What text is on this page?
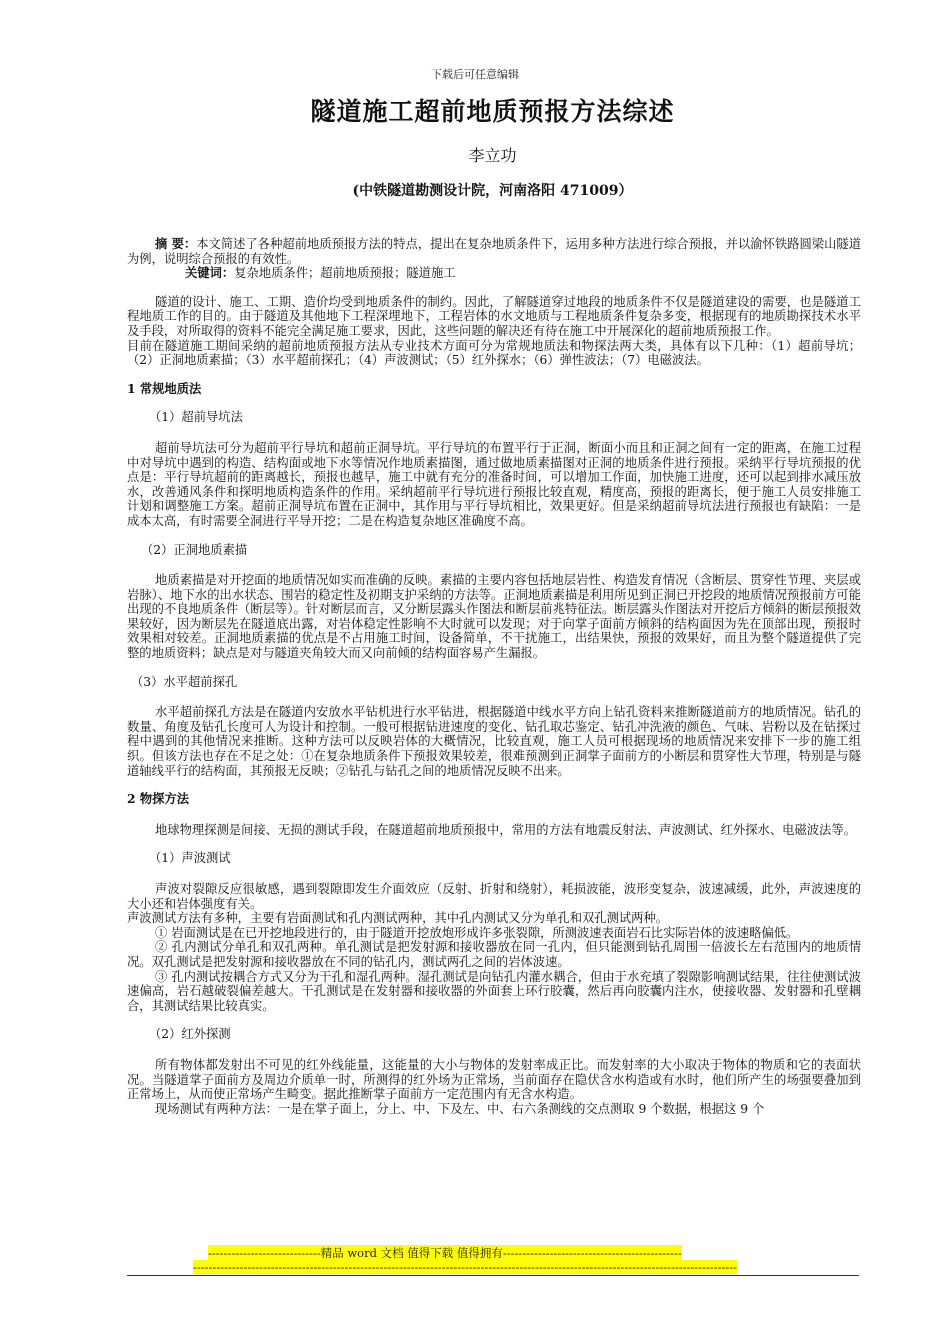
下载后可任意编辑
隧道施工超前地质预报方法综述
李立功
(中铁隧道勘测设计院，河南洛阳 471009）

摘 要：本文简述了各种超前地质预报方法的特点，提出在复杂地质条件下，运用多种方法进行综合预报，并以渝怀铁路圆梁山隧道为例，说明综合预报的有效性。

关键词：复杂地质条件；超前地质预报；隧道施工

隧道的设计、施工、工期、造价均受到地质条件的制约。因此，了解隧道穿过地段的地质条件不仅是隧道建设的需要，也是隧道工程地质工作的目的。由于隧道及其他地下工程深埋地下，工程岩体的水文地质与工程地质条件复杂多变，根据现有的地质勘探技术水平及手段，对所取得的资料不能完全满足施工要求，因此，这些问题的解决还有待在施工中开展深化的超前地质预报工作。

目前在隧道施工期间采纳的超前地质预报方法从专业技术方面可分为常规地质法和物探法两大类，具体有以下几种：（1）超前导坑；（2）正洞地质素描；（3）水平超前探孔；（4）声波测试；（5）红外探水；（6）弹性波法；（7）电磁波法。

1 常规地质法

（1）超前导坑法

超前导坑法可分为超前平行导坑和超前正洞导坑。平行导坑的布置平行于正洞，断面小而且和正洞之间有一定的距离，在施工过程中对导坑中遇到的构造、结构面或地下水等情况作地质素描图，通过做地质素描图对正洞的地质条件进行预报。采纳平行导坑预报的优点是：平行导坑超前的距离越长，预报也越早，施工中就有充分的准备时间，可以增加工作面，加快施工进度，还可以起到排水减压放水，改善通风条件和探明地质构造条件的作用。采纳超前平行导坑进行预报比较直观，精度高，预报的距离长，便于施工人员安排施工计划和调整施工方案。超前正洞导坑布置在正洞中，其作用与平行导坑相比，效果更好。但是采纳超前导坑法进行预报也有缺陷：一是成本太高，有时需要全洞进行平导开挖；二是在构造复杂地区准确度不高。

（2）正洞地质素描

地质素描是对开挖面的地质情况如实而准确的反映。素描的主要内容包括地层岩性、构造发育情况（含断层、贯穿性节理、夹层或岩脉）、地下水的出水状态、围岩的稳定性及初期支护采纳的方法等。正洞地质素描是利用所见到正洞已开挖段的地质情况预报前方可能出现的不良地质条件（断层等）。针对断层而言，又分断层露头作图法和断层前兆特征法。断层露头作图法对开挖后方倾斜的断层预报效果较好，因为断层先在隧道底出露，对岩体稳定性影响不大时就可以发现；对于向掌子面前方倾斜的结构面因为先在顶部出现，预报时效果相对较差。正洞地质素描的优点是不占用施工时间，设备简单，不干扰施工，出结果快，预报的效果好，而且为整个隧道提供了完整的地质资料；缺点是对与隧道夹角较大而又向前倾的结构面容易产生漏报。

（3）水平超前探孔

水平超前探孔方法是在隧道内安放水平钻机进行水平钻进，根据隧道中线水平方向上钻孔资料来推断隧道前方的地质情况。钻孔的数量、角度及钻孔长度可人为设计和控制。一般可根据钻进速度的变化、钻孔取芯鉴定、钻孔冲洗液的颜色、气味、岩粉以及在钻探过程中遇到的其他情况来推断。这种方法可以反映岩体的大概情况，比较直观，施工人员可根据现场的地质情况来安排下一步的施工组织。但该方法也存在不足之处：①在复杂地质条件下预报效果较差，很难预测到正洞掌子面前方的小断层和贯穿性大节理，特别是与隧道轴线平行的结构面，其预报无反映；②钻孔与钻孔之间的地质情况反映不出来。

2 物探方法

地球物理探测是间接、无损的测试手段，在隧道超前地质预报中，常用的方法有地震反射法、声波测试、红外探水、电磁波法等。

（1）声波测试

声波对裂隙反应很敏感，遇到裂隙即发生介面效应（反射、折射和绕射），耗损波能，波形变复杂，波速减缓，此外，声波速度的大小还和岩体强度有关。

声波测试方法有多种，主要有岩面测试和孔内测试两种，其中孔内测试又分为单孔和双孔测试两种。

① 岩面测试是在已开挖地段进行的，由于隧道开挖放炮形成许多张裂隙，所测波速表面岩石比实际岩体的波速略偏低。

② 孔内测试分单孔和双孔两种。单孔测试是把发射源和接收器放在同一孔内，但只能测到钻孔周围一倍波长左右范围内的地质情况。双孔测试是把发射源和接收器放在不同的钻孔内，测试两孔之间的岩体波速。

③ 孔内测试按耦合方式又分为干孔和湿孔两种。湿孔测试是向钻孔内灌水耦合，但由于水充填了裂隙影响测试结果，往往使测试波速偏高，岩石越破裂偏差越大。干孔测试是在发射器和接收器的外面套上环行胶囊，然后再向胶囊内注水，使接收器、发射器和孔壁耦合，其测试结果比较真实。

（2）红外探测

所有物体都发射出不可见的红外线能量，这能量的大小与物体的发射率成正比。而发射率的大小取决于物体的物质和它的表面状况。当隧道掌子面前方及周边介质单一时，所测得的红外场为正常场，当前面存在隐伏含水构造或有水时，他们所产生的场强要叠加到正常场上，从而使正常场产生畸变。据此推断掌子面前方一定范围内有无含水构造。

现场测试有两种方法：一是在掌子面上，分上、中、下及左、中、右六条测线的交点测取 9 个数据，根据这 9 个

-----------------------------精品 word 文档 值得下载 值得拥有----------------------------------------------
--------------------------------------------------------------------------------------------------------------------------------------------
